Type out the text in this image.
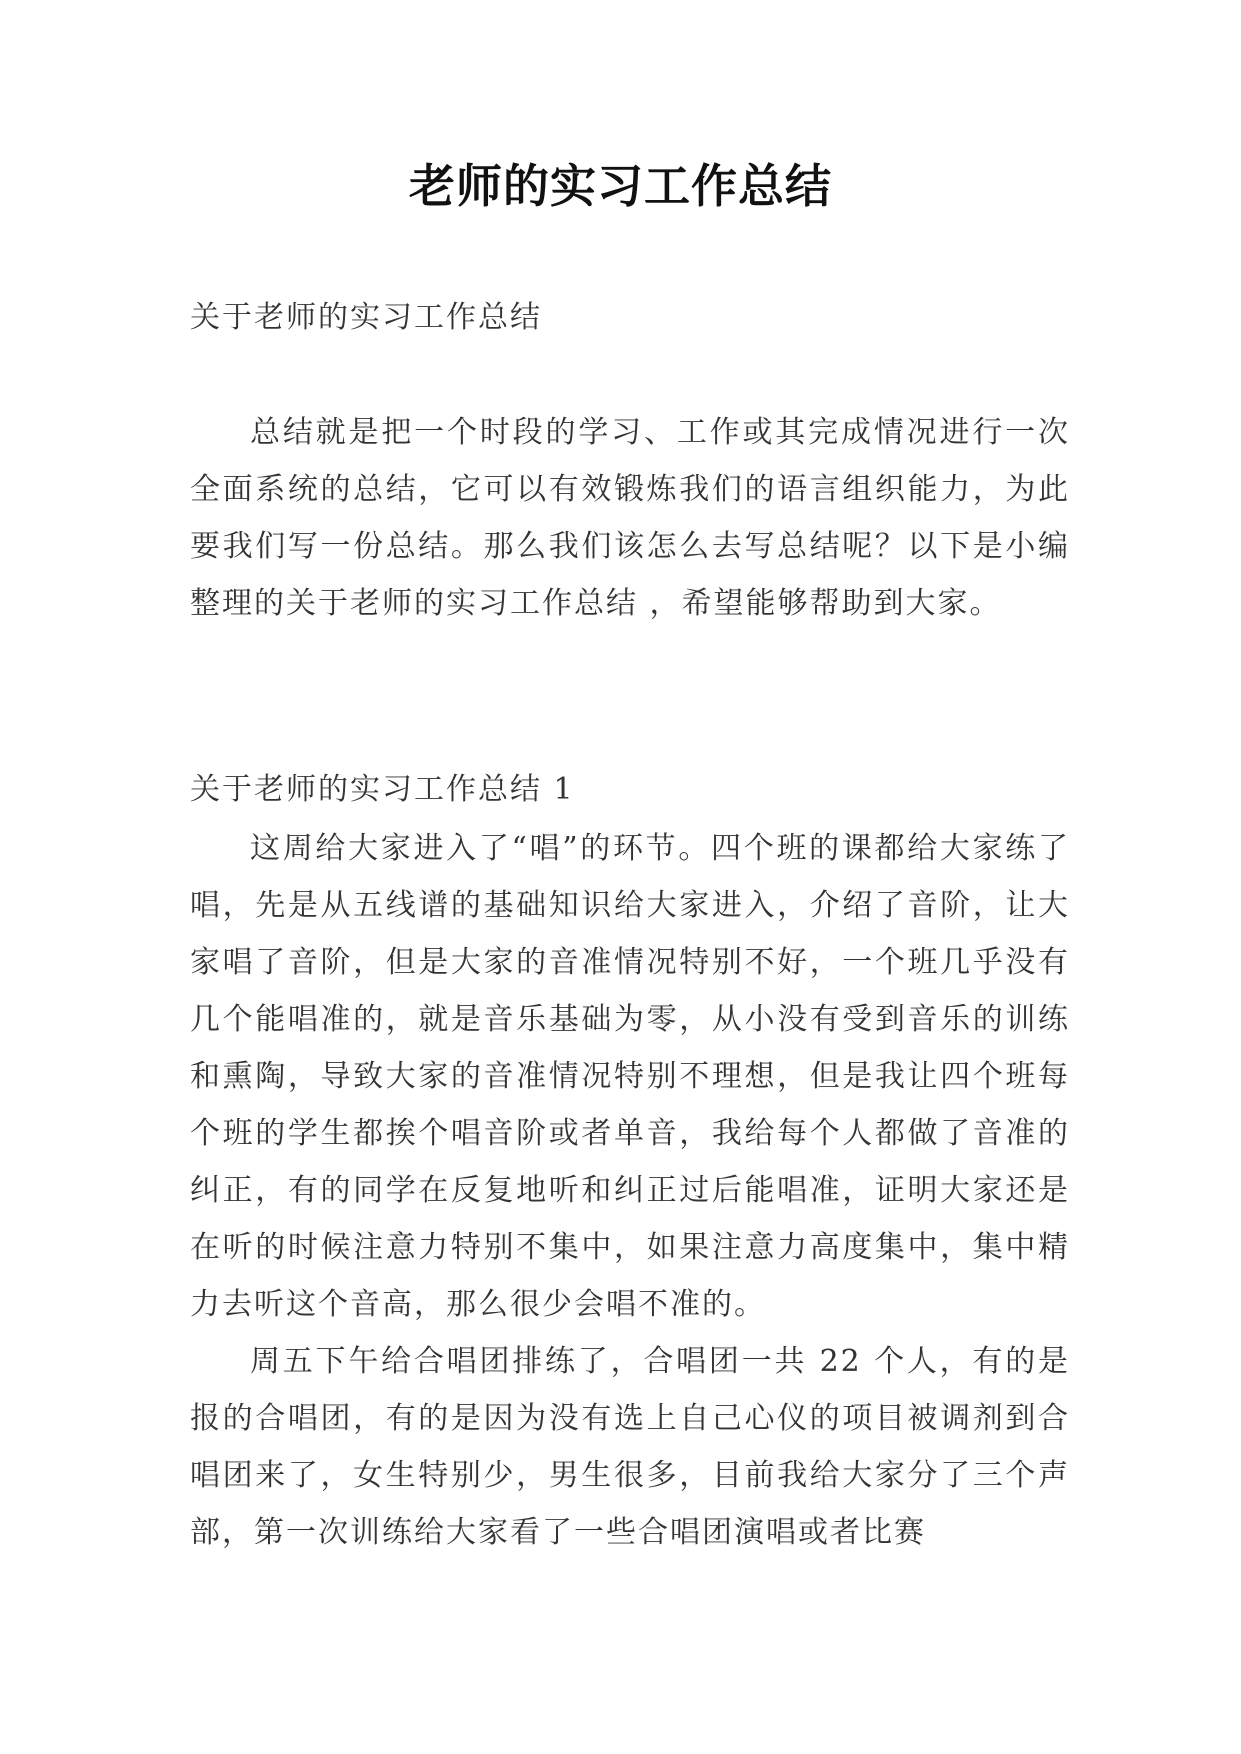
老师的实习工作总结
关于老师的实习工作总结

总结就是把一个时段的学习、工作或其完成情况进行一次全面系统的总结，它可以有效锻炼我们的语言组织能力，为此要我们写一份总结。那么我们该怎么去写总结呢？以下是小编整理的关于老师的实习工作总结 ，希望能够帮助到大家。

关于老师的实习工作总结 1

这周给大家进入了“唱”的环节。四个班的课都给大家练了唱，先是从五线谱的基础知识给大家进入，介绍了音阶，让大家唱了音阶，但是大家的音准情况特别不好，一个班几乎没有几个能唱准的，就是音乐基础为零，从小没有受到音乐的训练和熏陶，导致大家的音准情况特别不理想，但是我让四个班每个班的学生都挨个唱音阶或者单音，我给每个人都做了音准的纠正，有的同学在反复地听和纠正过后能唱准，证明大家还是在听的时候注意力特别不集中，如果注意力高度集中，集中精力去听这个音高，那么很少会唱不准的。

周五下午给合唱团排练了，合唱团一共 22 个人，有的是报的合唱团，有的是因为没有选上自己心仪的项目被调剂到合唱团来了，女生特别少，男生很多，目前我给大家分了三个声部，第一次训练给大家看了一些合唱团演唱或者比赛
